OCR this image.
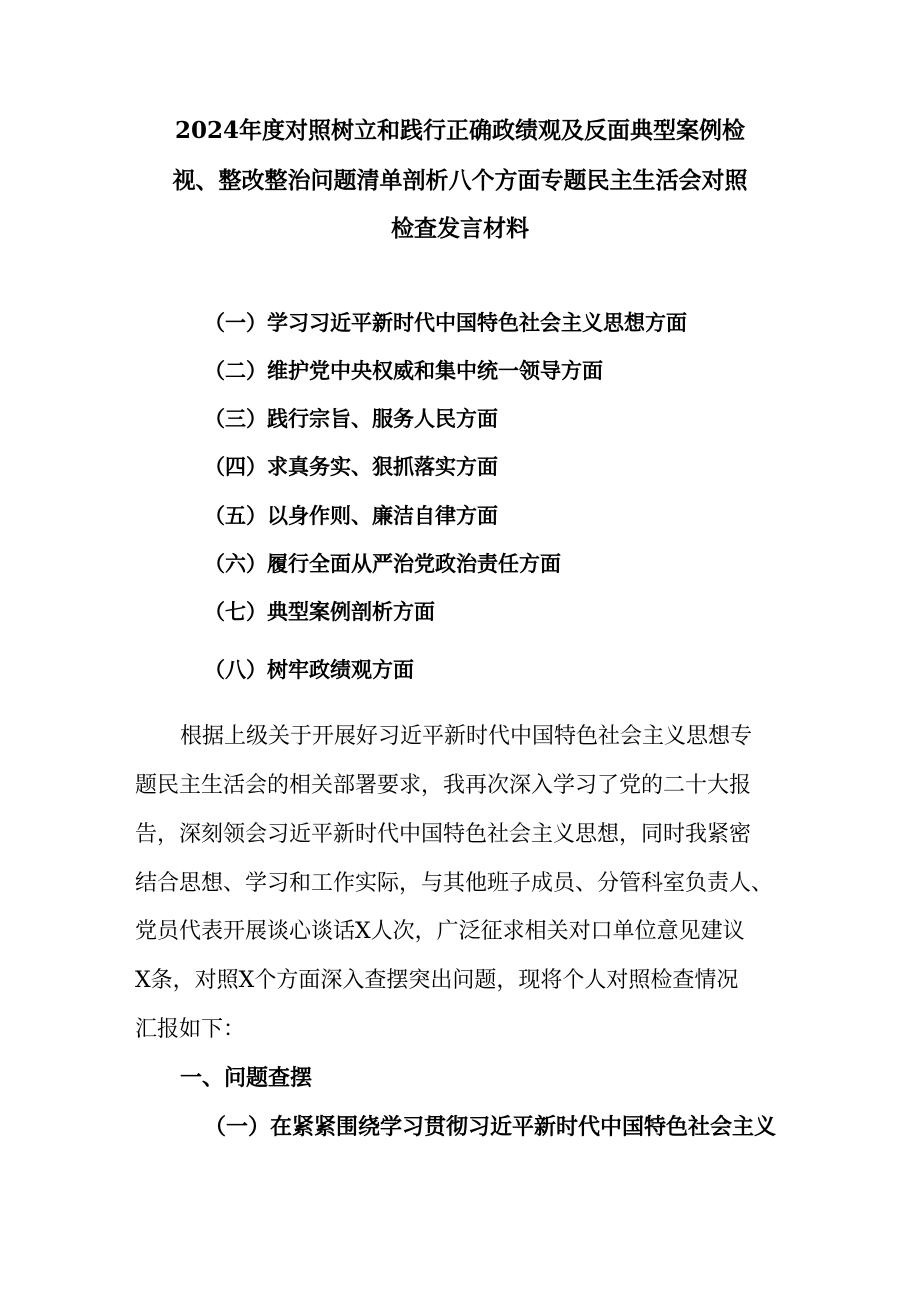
2024年度对照树立和践行正确政绩观及反面典型案例检
视、整改整治问题清单剖析八个方面专题民主生活会对照
检查发言材料
（一）学习习近平新时代中国特色社会主义思想方面
（二）维护党中央权威和集中统一领导方面
（三）践行宗旨、服务人民方面
（四）求真务实、狠抓落实方面
（五）以身作则、廉洁自律方面
（六）履行全面从严治党政治责任方面
（七）典型案例剖析方面
（八）树牢政绩观方面
根据上级关于开展好习近平新时代中国特色社会主义思想专
题民主生活会的相关部署要求，我再次深入学习了党的二十大报
告，深刻领会习近平新时代中国特色社会主义思想，同时我紧密
结合思想、学习和工作实际，与其他班子成员、分管科室负责人、
党员代表开展谈心谈话X人次，广泛征求相关对口单位意见建议
X条，对照X个方面深入查摆突出问题，现将个人对照检查情况
汇报如下：
一、问题查摆
（一）在紧紧围绕学习贯彻习近平新时代中国特色社会主义
